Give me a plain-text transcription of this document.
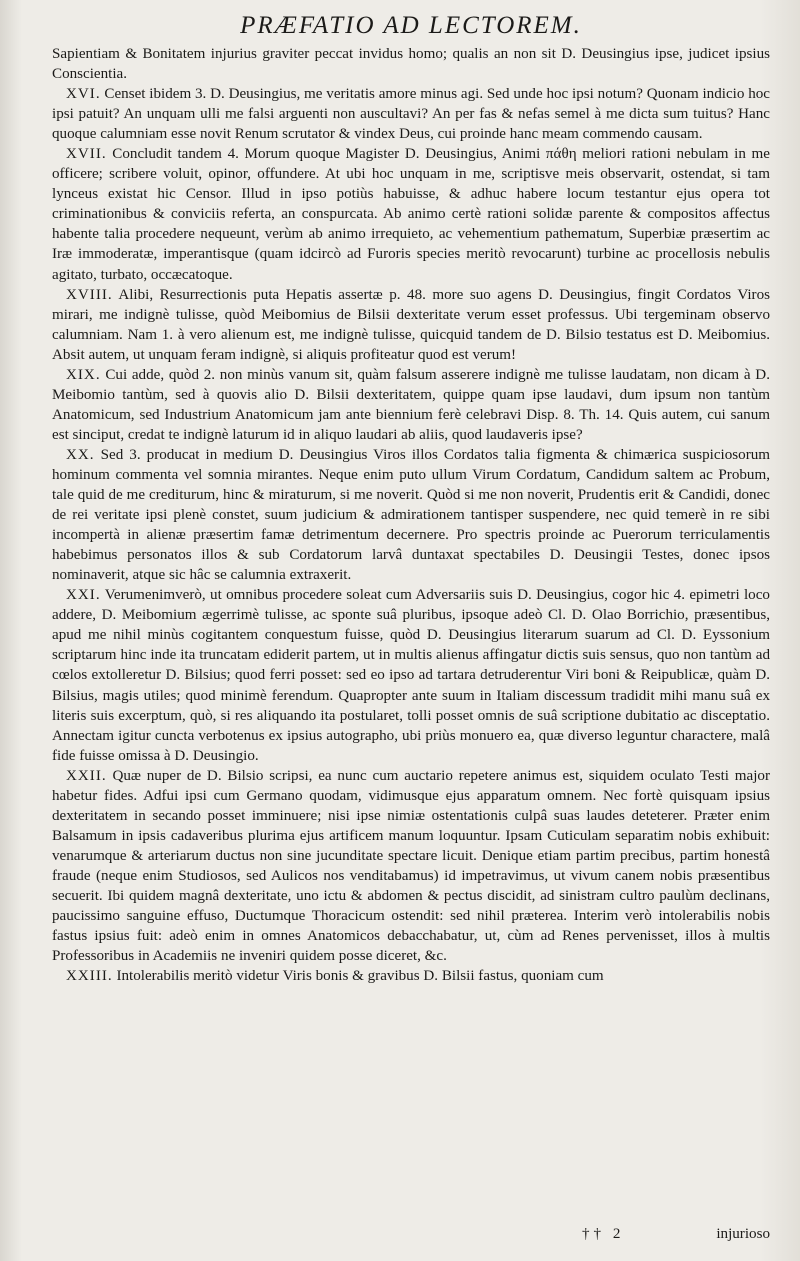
PRÆFATIO AD LECTOREM.

Sapientiam & Bonitatem injurius graviter peccat invidus homo; qualis an non sit D. Deusingius ipse, judicet ipsius Conscientia.

XVI. Censet ibidem 3. D. Deusingius, me veritatis amore minus agi. Sed unde hoc ipsi notum? Quonam indicio hoc ipsi patuit? An unquam ulli me falsi arguenti non auscultavi? An per fas & nefas semel à me dicta sum tuitus? Hanc quoque calumniam esse novit Renum scrutator & vindex Deus, cui proinde hanc meam commendo causam.

XVII. Concludit tandem 4. Morum quoque Magister D. Deusingius, Animi πάθη meliori rationi nebulam in me officere; scribere voluit, opinor, offundere. At ubi hoc unquam in me, scriptisve meis observarit, ostendat, si tam lynceus existat hic Censor. Illud in ipso potiùs habuisse, & adhuc habere locum testantur ejus opera tot criminationibus & conviciis referta, an conspurcata. Ab animo certè rationi solidæ parente & compositos affectus habente talia procedere nequeunt, verùm ab animo irrequieto, ac vehementium pathematum, Superbiæ præsertim ac Iræ immoderatæ, imperantisque (quam idcircò ad Furoris species meritò revocarunt) turbine ac procellosis nebulis agitato, turbato, occæcatoque.

XVIII. Alibi, Resurrectionis puta Hepatis assertæ p. 48. more suo agens D. Deusingius, fingit Cordatos Viros mirari, me indignè tulisse, quòd Meibomius de Bilsii dexteritate verum esset professus. Ubi tergeminam observo calumniam. Nam 1. à vero alienum est, me indignè tulisse, quicquid tandem de D. Bilsio testatus est D. Meibomius. Absit autem, ut unquam feram indignè, si aliquis profiteatur quod est verum!

XIX. Cui adde, quòd 2. non minùs vanum sit, quàm falsum asserere indignè me tulisse laudatam, non dicam à D. Meibomio tantùm, sed à quovis alio D. Bilsii dexteritatem, quippe quam ipse laudavi, dum ipsum non tantùm Anatomicum, sed Industrium Anatomicum jam ante biennium ferè celebravi Disp. 8. Th. 14. Quis autem, cui sanum est sinciput, credat te indignè laturum id in aliquo laudari ab aliis, quod laudaveris ipse?

XX. Sed 3. producat in medium D. Deusingius Viros illos Cordatos talia figmenta & chimærica suspiciosorum hominum commenta vel somnia mirantes. Neque enim puto ullum Virum Cordatum, Candidum saltem ac Probum, tale quid de me crediturum, hinc & miraturum, si me noverit. Quòd si me non noverit, Prudentis erit & Candidi, donec de rei veritate ipsi plenè constet, suum judicium & admirationem tantisper suspendere, nec quid temerè in re sibi incompertà in alienæ præsertim famæ detrimentum decernere. Pro spectris proinde ac Puerorum terriculamentis habebimus personatos illos & sub Cordatorum larvâ duntaxat spectabiles D. Deusingii Testes, donec ipsos nominaverit, atque sic hâc se calumnia extraxerit.

XXI. Verumenimverò, ut omnibus procedere soleat cum Adversariis suis D. Deusingius, cogor hic 4. epimetri loco addere, D. Meibomium ægerrimè tulisse, ac sponte suâ pluribus, ipsoque adeò Cl. D. Olao Borrichio, præsentibus, apud me nihil minùs cogitantem conquestum fuisse, quòd D. Deusingius literarum suarum ad Cl. D. Eyssonium scriptarum hinc inde ita truncatam ediderit partem, ut in multis alienus affingatur dictis suis sensus, quo non tantùm ad cœlos extolleretur D. Bilsius; quod ferri posset: sed eo ipso ad tartara detruderentur Viri boni & Reipublicæ, quàm D. Bilsius, magis utiles; quod minimè ferendum. Quapropter ante suum in Italiam discessum tradidit mihi manu suâ ex literis suis excerptum, quò, si res aliquando ita postularet, tolli posset omnis de suâ scriptione dubitatio ac disceptatio. Annectam igitur cuncta verbotenus ex ipsius autographo, ubi priùs monuero ea, quæ diverso leguntur charactere, malâ fide fuisse omissa à D. Deusingio.

XXII. Quæ nuper de D. Bilsio scripsi, ea nunc cum auctario repetere animus est, siquidem oculato Testi major habetur fides. Adfui ipsi cum Germano quodam, vidimusque ejus apparatum omnem. Nec fortè quisquam ipsius dexteritatem in secando posset imminuere; nisi ipse nimiæ ostentationis culpâ suas laudes deteterer. Præter enim Balsamum in ipsis cadaveribus plurima ejus artificem manum loquuntur. Ipsam Cuticulam separatim nobis exhibuit: venarumque & arteriarum ductus non sine jucunditate spectare licuit. Denique etiam partim precibus, partim honestâ fraude (neque enim Studiosos, sed Aulicos nos venditabamus) id impetravimus, ut vivum canem nobis præsentibus secuerit. Ibi quidem magnâ dexteritate, uno ictu & abdomen & pectus discidit, ad sinistram cultro paulùm declinans, paucissimo sanguine effuso, Ductumque Thoracicum ostendit: sed nihil præterea. Interim verò intolerabilis nobis fastus ipsius fuit: adeò enim in omnes Anatomicos debacchabatur, ut, cùm ad Renes pervenisset, illos à multis Professoribus in Academiis ne inveniri quidem posse diceret, &c.

XXIII. Intolerabilis meritò videtur Viris bonis & gravibus D. Bilsii fastus, quoniam cum

†† 2	injurioso
